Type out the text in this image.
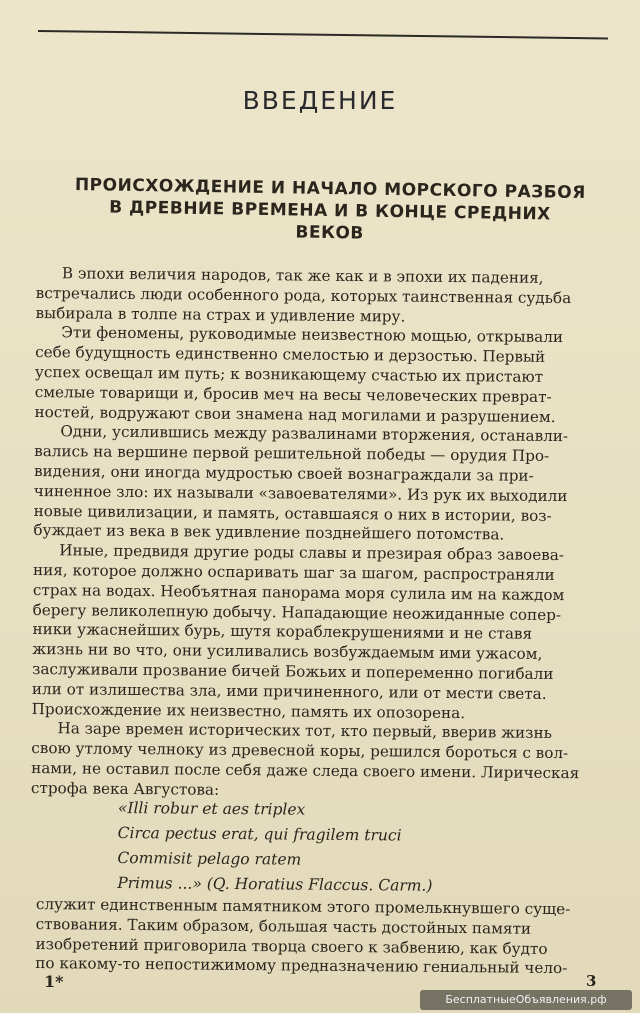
ВВЕДЕНИЕ
ПРОИСХОЖДЕНИЕ И НАЧАЛО МОРСКОГО РАЗБОЯ
В ДРЕВНИЕ ВРЕМЕНА И В КОНЦЕ СРЕДНИХ
ВЕКОВ
В эпохи величия народов, так же как и в эпохи их падения,
встречались люди особенного рода, которых таинственная судьба
выбирала в толпе на страх и удивление миру.
Эти феномены, руководимые неизвестною мощью, открывали
себе будущность единственно смелостью и дерзостью. Первый
успех освещал им путь; к возникающему счастью их пристают
смелые товарищи и, бросив меч на весы человеческих преврат-
ностей, водружают свои знамена над могилами и разрушением.
Одни, усилившись между развалинами вторжения, останавли-
вались на вершине первой решительной победы — орудия Про-
видения, они иногда мудростью своей вознаграждали за при-
чиненное зло: их называли «завоевателями». Из рук их выходили
новые цивилизации, и память, оставшаяся о них в истории, воз-
буждает из века в век удивление позднейшего потомства.
Иные, предвидя другие роды славы и презирая образ завоева-
ния, которое должно оспаривать шаг за шагом, распространяли
страх на водах. Необъятная панорама моря сулила им на каждом
берегу великолепную добычу. Нападающие неожиданные сопер-
ники ужаснейших бурь, шутя кораблекрушениями и не ставя
жизнь ни во что, они усиливались возбуждаемым ими ужасом,
заслуживали прозвание бичей Божьих и попеременно погибали
или от излишества зла, ими причиненного, или от мести света.
Происхождение их неизвестно, память их опозорена.
На заре времен исторических тот, кто первый, вверив жизнь
свою утлому челноку из древесной коры, решился бороться с вол-
нами, не оставил после себя даже следа своего имени. Лирическая
строфа века Августова:
«Illi robur et aes triplex
Circa pectus erat, qui fragilem truci
Commisit pelago ratem
Primus ...» (Q. Horatius Flaccus. Carm.)
служит единственным памятником этого промелькнувшего суще-
ствования. Таким образом, большая часть достойных памяти
изобретений приговорила творца своего к забвению, как будто
по какому-то непостижимому предназначению гениальный чело-
1*	3
БесплатныеОбъявления.рф
